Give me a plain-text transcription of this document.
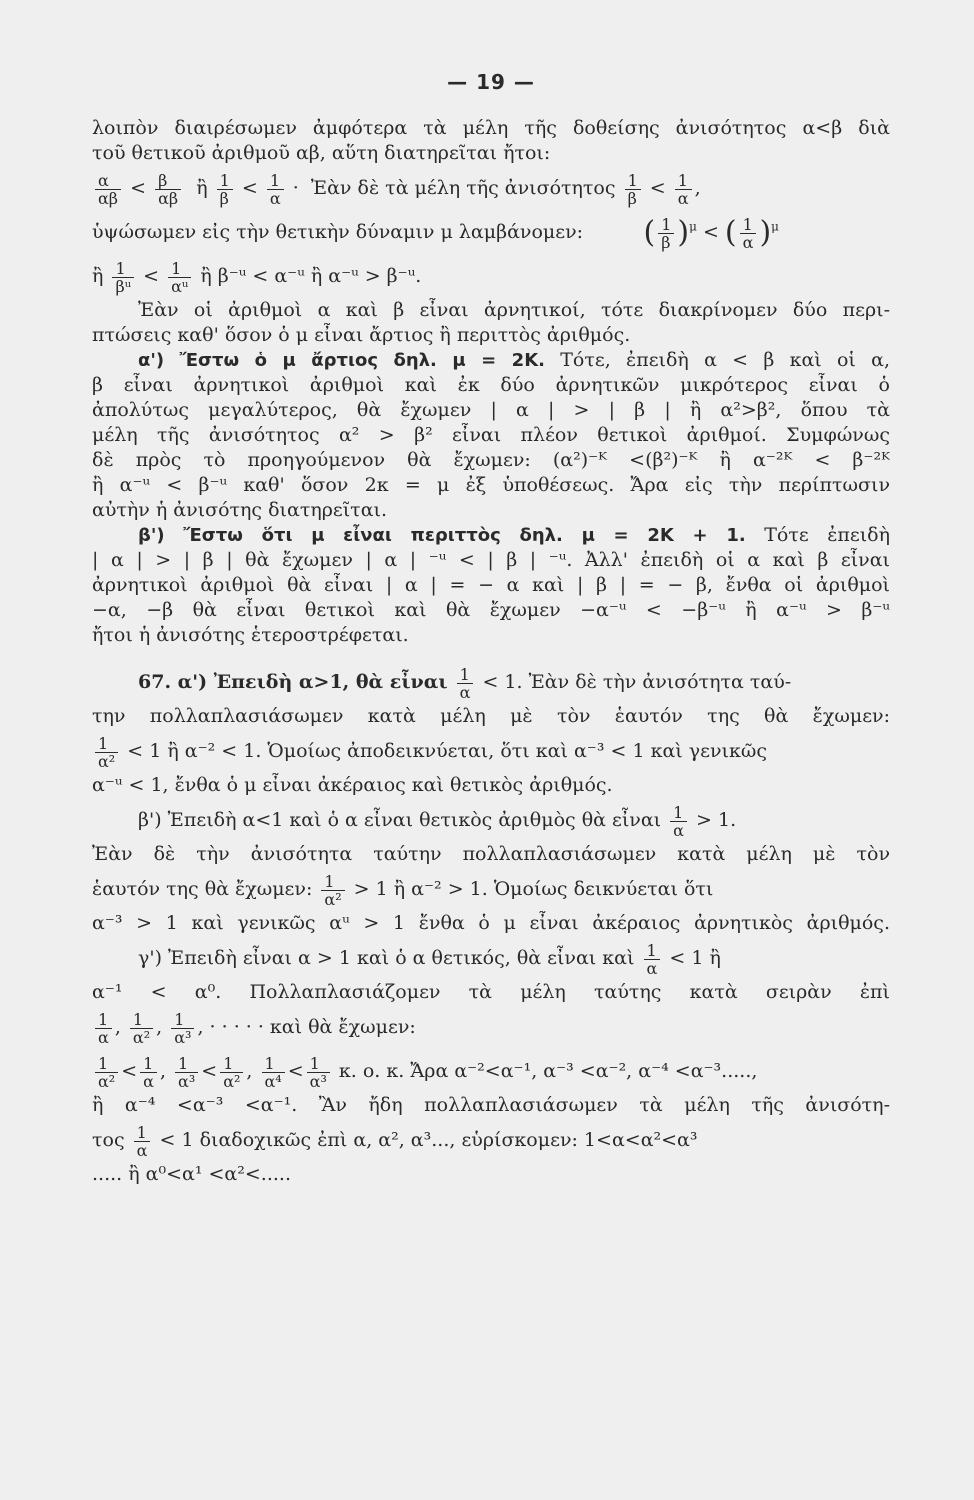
— 19 —
λοιπὸν διαιρέσωμεν ἀμφότερα τὰ μέλη τῆς δοθείσης ἀνισότητος α<β διὰ
τοῦ θετικοῦ ἀριθμοῦ αβ, αὕτη διατηρεῖται ἤτοι:
$\frac{\alpha}{\alpha\beta} < \frac{\beta}{\alpha\beta}$ ἢ $\frac{1}{\beta} < \frac{1}{\alpha}$ · Ἐὰν δὲ τὰ μέλη τῆς ἀνισότητος $\frac{1}{\beta} < \frac{1}{\alpha}$ ,
ὑψώσωμεν εἰς τὴν θετικὴν δύναμιν μ λαμβάνομεν: ( $\frac{1}{\beta} )^\mu$ < ( $\frac{1}{\alpha} )^\mu$
ἢ $\frac{1}{\text{βᵘ}} < \frac{1}{\text{αᵘ}}$ ἢ β⁻ᵘ < α⁻ᵘ ἢ α⁻ᵘ > β⁻ᵘ.
Ἐὰν οἱ ἀριθμοὶ α καὶ β εἶναι ἀρνητικοί, τότε διακρίνομεν δύο περι-
πτώσεις καθ' ὅσον ὁ μ εἶναι ἄρτιος ἢ περιττὸς ἀριθμός.
α') Ἔστω ὁ μ ἄρτιος δηλ. μ = 2Κ. Τότε, ἐπειδὴ α < β καὶ οἱ α,
β εἶναι ἀρνητικοὶ ἀριθμοὶ καὶ ἐκ δύο ἀρνητικῶν μικρότερος εἶναι ὁ
ἀπολύτως μεγαλύτερος, θὰ ἔχωμεν | α | > | β | ἢ α²>β², ὅπου τὰ
μέλη τῆς ἀνισότητος α² > β² εἶναι πλέον θετικοὶ ἀριθμοί. Συμφώνως
δὲ πρὸς τὸ προηγούμενον θὰ ἔχωμεν: (α²)⁻ᴷ <(β²)⁻ᴷ ἢ α⁻²ᴷ < β⁻²ᴷ
ἢ α⁻ᵘ < β⁻ᵘ καθ' ὅσον 2κ = μ ἐξ ὑποθέσεως. Ἄρα εἰς τὴν περίπτωσιν
αὐτὴν ἡ ἀνισότης διατηρεῖται.
β') Ἔστω ὅτι μ εἶναι περιττὸς δηλ. μ = 2Κ + 1. Τότε ἐπειδὴ
| α | > | β | θὰ ἔχωμεν | α | ⁻ᵘ < | β | ⁻ᵘ. Ἀλλ' ἐπειδὴ οἱ α καὶ β εἶναι
ἀρνητικοὶ ἀριθμοὶ θὰ εἶναι | α | = − α καὶ | β | = − β, ἔνθα οἱ ἀριθμοὶ
−α, −β θὰ εἶναι θετικοὶ καὶ θὰ ἔχωμεν −α⁻ᵘ < −β⁻ᵘ ἢ α⁻ᵘ > β⁻ᵘ
ἤτοι ἡ ἀνισότης ἑτεροστρέφεται.
67. α') Ἐπειδὴ α>1, θὰ εἶναι $\frac{1}{\alpha} < 1$. Ἐὰν δὲ τὴν ἀνισότητα ταύ-
την πολλαπλασιάσωμεν κατὰ μέλη μὲ τὸν ἑαυτόν της θὰ ἔχωμεν:
$\frac{1}{\text{α²}} < 1$ ἢ α⁻² < 1. Ὁμοίως ἀποδεικνύεται, ὅτι καὶ α⁻³ < 1 καὶ γενικῶς
α⁻ᵘ < 1, ἔνθα ὁ μ εἶναι ἀκέραιος καὶ θετικὸς ἀριθμός.
β') Ἐπειδὴ α<1 καὶ ὁ α εἶναι θετικὸς ἀριθμὸς θὰ εἶναι $\frac{1}{\alpha} > 1$.
Ἐὰν δὲ τὴν ἀνισότητα ταύτην πολλαπλασιάσωμεν κατὰ μέλη μὲ τὸν
ἑαυτόν της θὰ ἔχωμεν: $\frac{1}{\text{α²}} > 1$ ἢ α⁻² > 1. Ὁμοίως δεικνύεται ὅτι
α⁻³ > 1 καὶ γενικῶς αᵘ > 1 ἔνθα ὁ μ εἶναι ἀκέραιος ἀρνητικὸς ἀριθμός.
γ') Ἐπειδὴ εἶναι α > 1 καὶ ὁ α θετικός, θὰ εἶναι καὶ $\frac{1}{\alpha} < 1$ ἢ
α⁻¹ < α⁰. Πολλαπλασιάζομεν τὰ μέλη ταύτης κατὰ σειρὰν ἐπὶ
$\frac{1}{\alpha}$ , $\frac{1}{\text{α²}}$ , $\frac{1}{\text{α³}}$ , · · · · · καὶ θὰ ἔχωμεν:
$\frac{1}{\text{α²}} < \frac{1}{\alpha}$ , $\frac{1}{\text{α³}} < \frac{1}{\text{α²}}$ , $\frac{1}{\text{α⁴}} < \frac{1}{\text{α³}} \kappa$. ο. κ. Ἄρα α⁻²<α⁻¹, α⁻³ <α⁻², α⁻⁴ <α⁻³.....,
ἢ α⁻⁴ <α⁻³ <α⁻¹. Ἂν ἤδη πολλαπλασιάσωμεν τὰ μέλη τῆς ἀνισότη-
τος $\frac{1}{\alpha} < 1$ διαδοχικῶς ἐπὶ α, α², α³..., εὑρίσκομεν: 1<α<α²<α³
..... ἢ α⁰<α¹ <α²<.....
